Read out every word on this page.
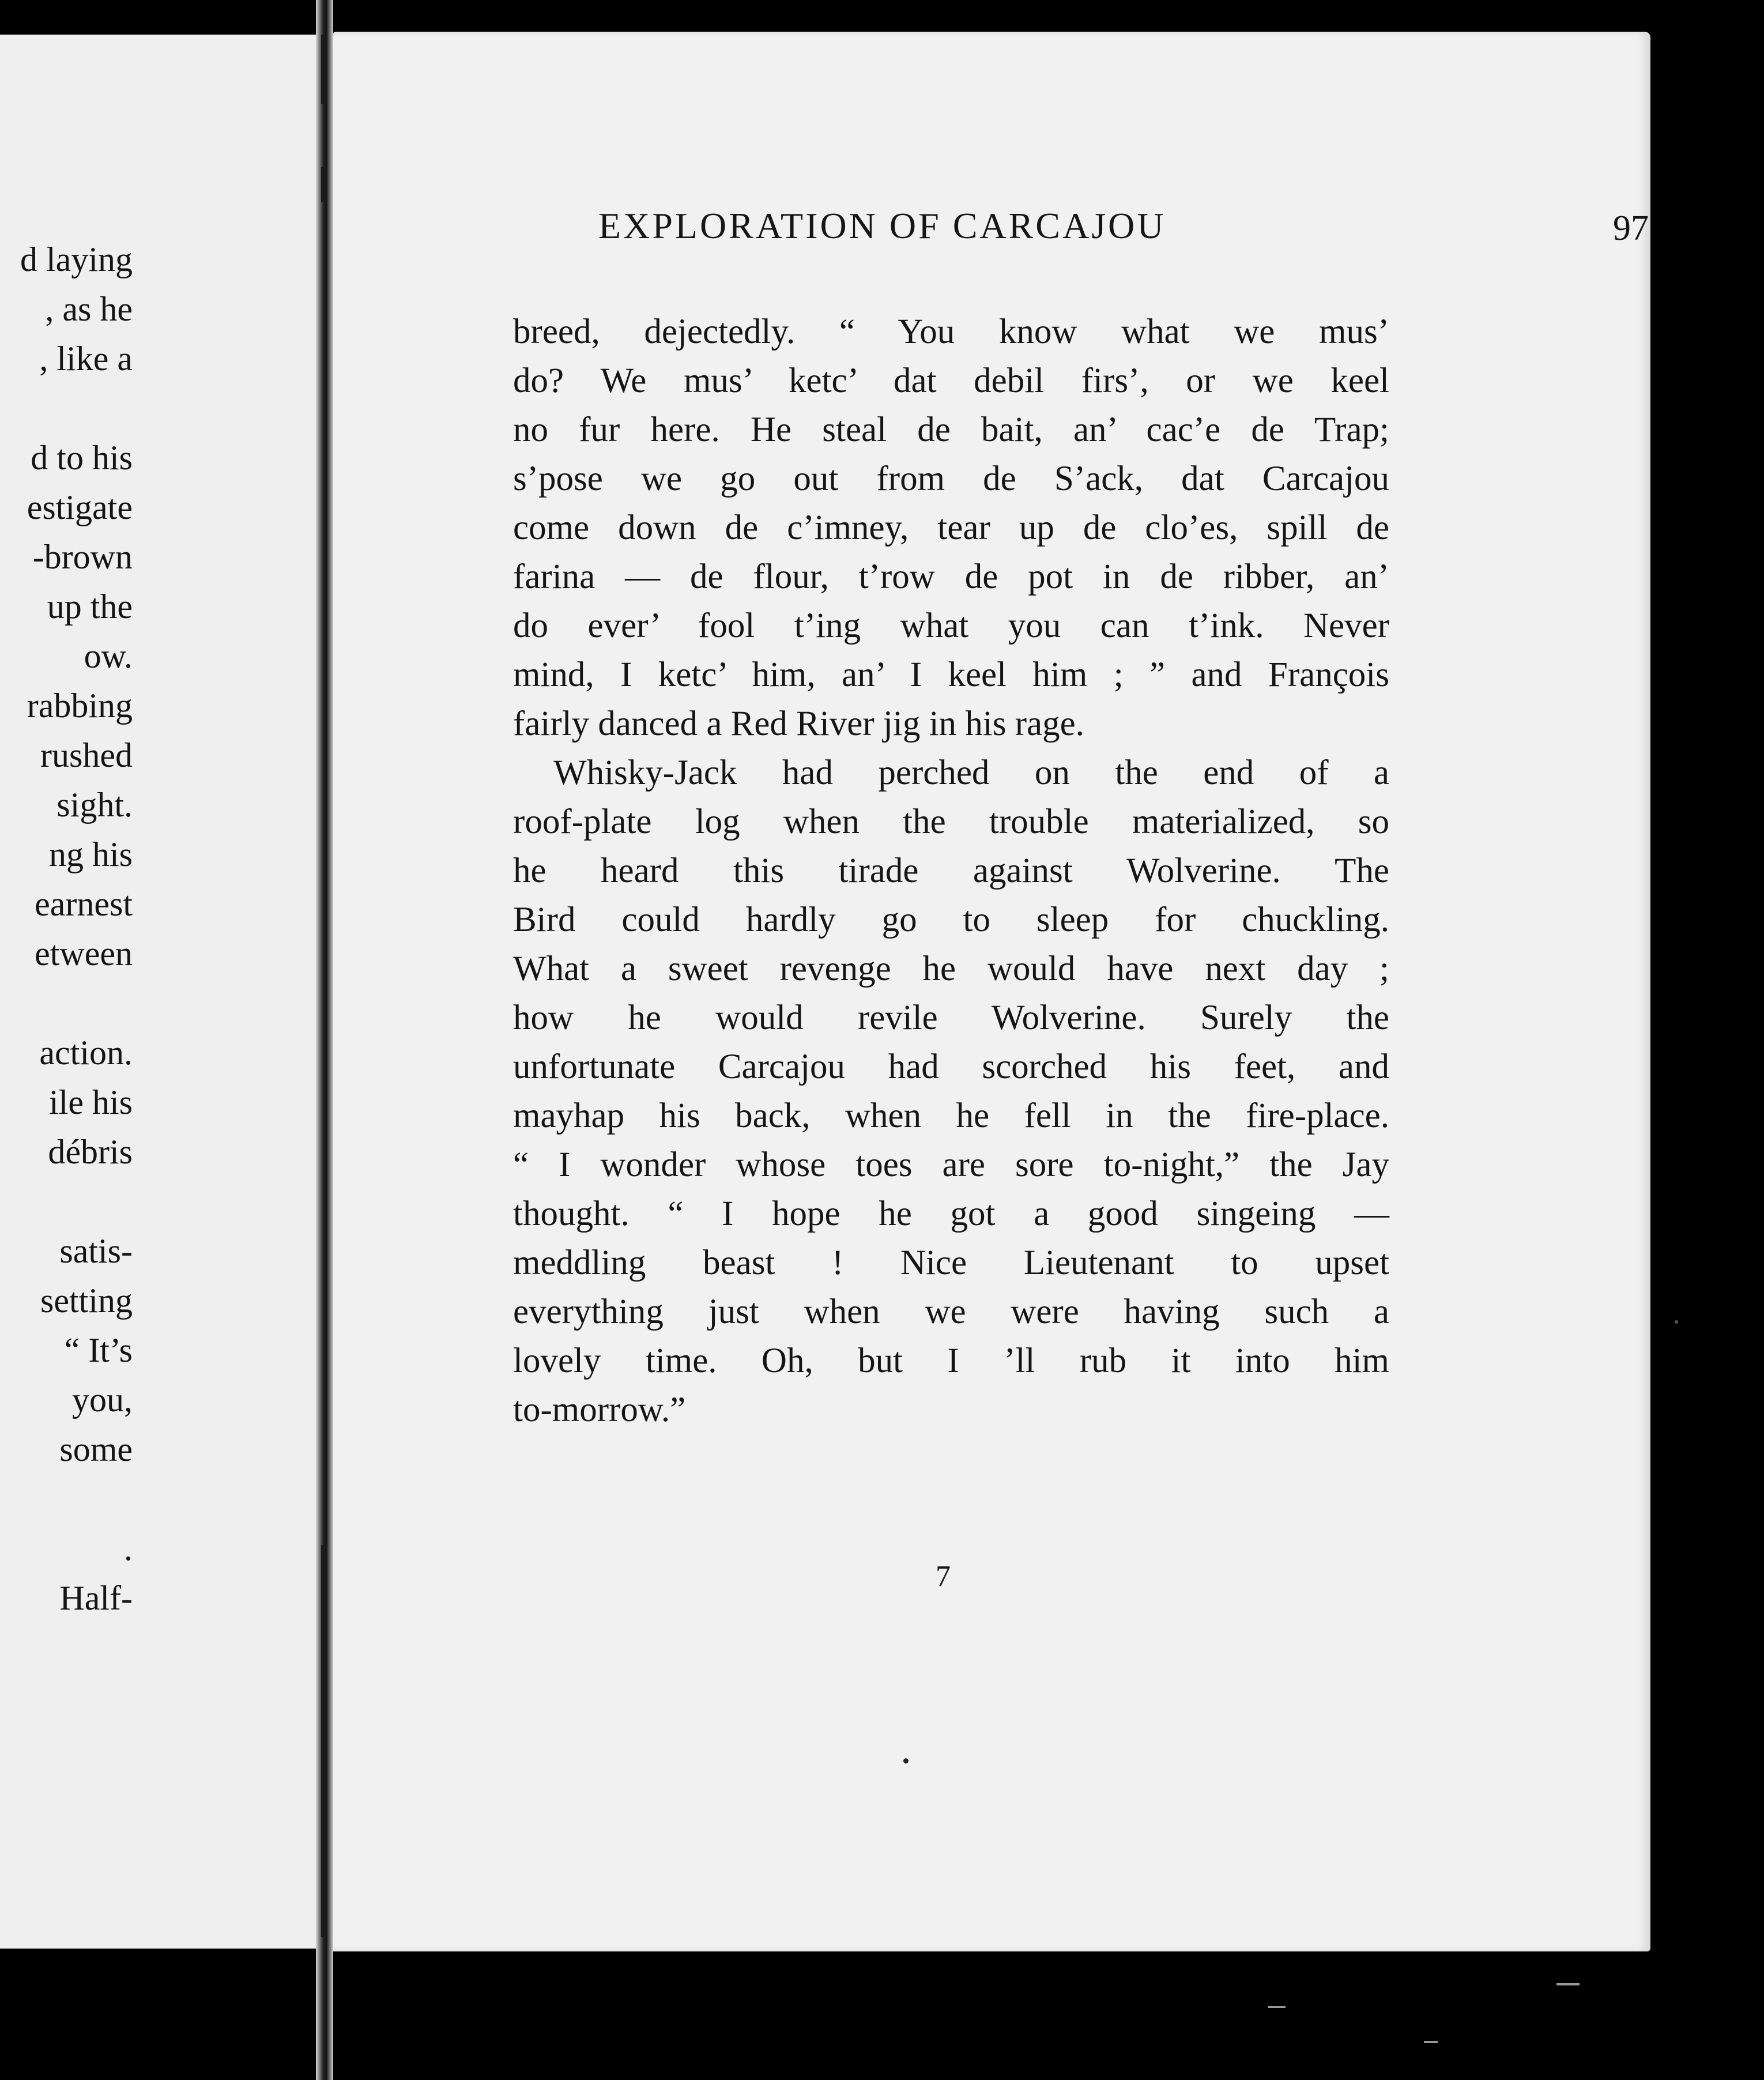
d laying
, as he
, like a
d to his
estigate
-brown
up the
ow.
rabbing
rushed
sight.
ng his
earnest
etween
action.
ile his
débris
satis-
setting
“ It’s
you,
some
.
Half-
EXPLORATION OF CARCAJOU	97
breed, dejectedly. “ You know what we mus’
do? We mus’ ketc’ dat debil firs’, or we keel
no fur here. He steal de bait, an’ cac’e de Trap;
s’pose we go out from de S’ack, dat Carcajou
come down de c’imney, tear up de clo’es, spill de
farina — de flour, t’row de pot in de ribber, an’
do ever’ fool t’ing what you can t’ink. Never
mind, I ketc’ him, an’ I keel him ; ” and François
fairly danced a Red River jig in his rage.
Whisky-Jack had perched on the end of a
roof-plate log when the trouble materialized, so
he heard this tirade against Wolverine. The
Bird could hardly go to sleep for chuckling.
What a sweet revenge he would have next day ;
how he would revile Wolverine. Surely the
unfortunate Carcajou had scorched his feet, and
mayhap his back, when he fell in the fire-place.
“ I wonder whose toes are sore to-night,” the Jay
thought. “ I hope he got a good singeing —
meddling beast ! Nice Lieutenant to upset
everything just when we were having such a
lovely time. Oh, but I ’ll rub it into him
to-morrow.”
7
